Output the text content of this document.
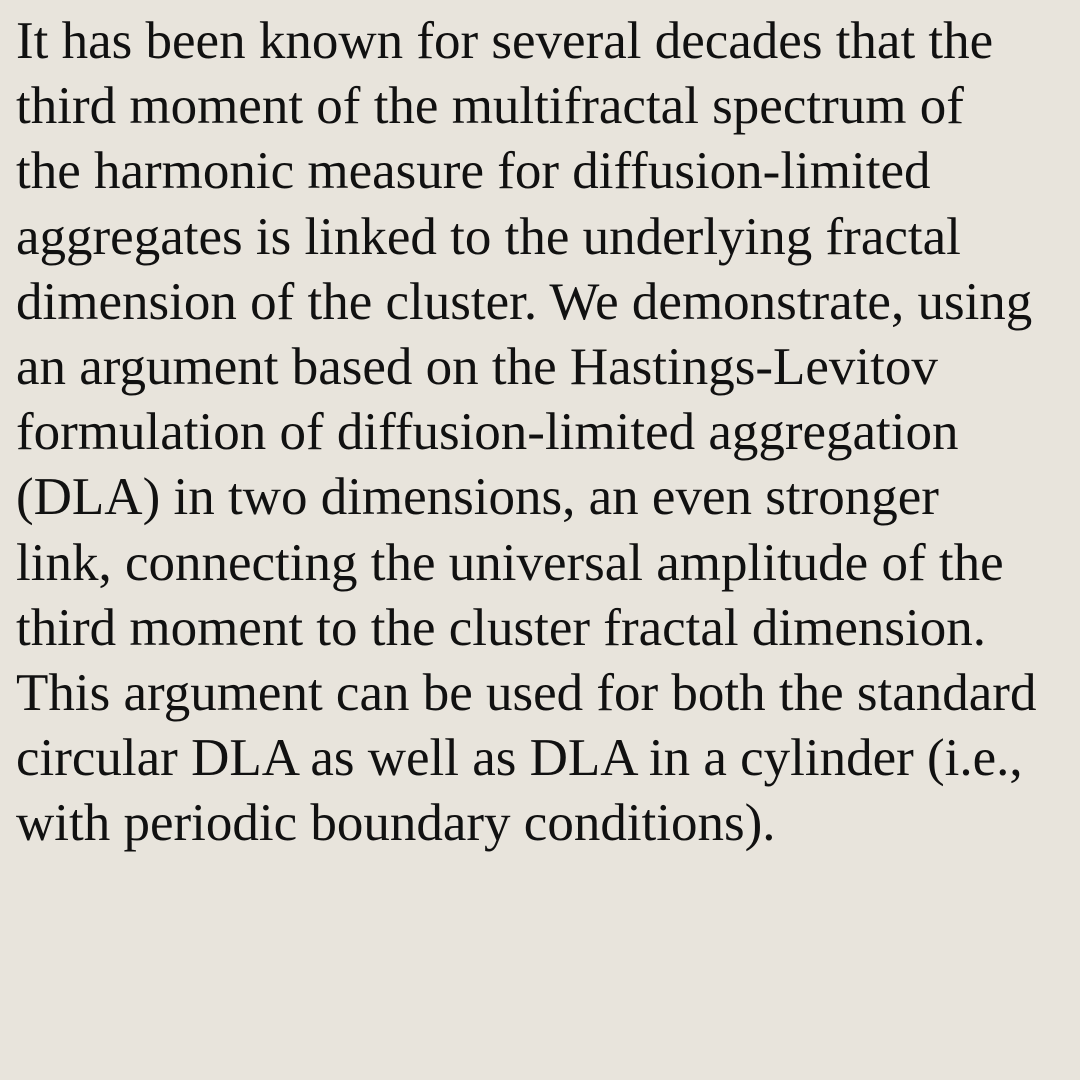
It has been known for several decades that the
third moment of the multifractal spectrum of
the harmonic measure for diffusion-limited
aggregates is linked to the underlying fractal
dimension of the cluster. We demonstrate, using
an argument based on the Hastings-Levitov
formulation of diffusion-limited aggregation
(DLA) in two dimensions, an even stronger
link, connecting the universal amplitude of the
third moment to the cluster fractal dimension.
This argument can be used for both the standard
circular DLA as well as DLA in a cylinder (i.e.,
with periodic boundary conditions).
